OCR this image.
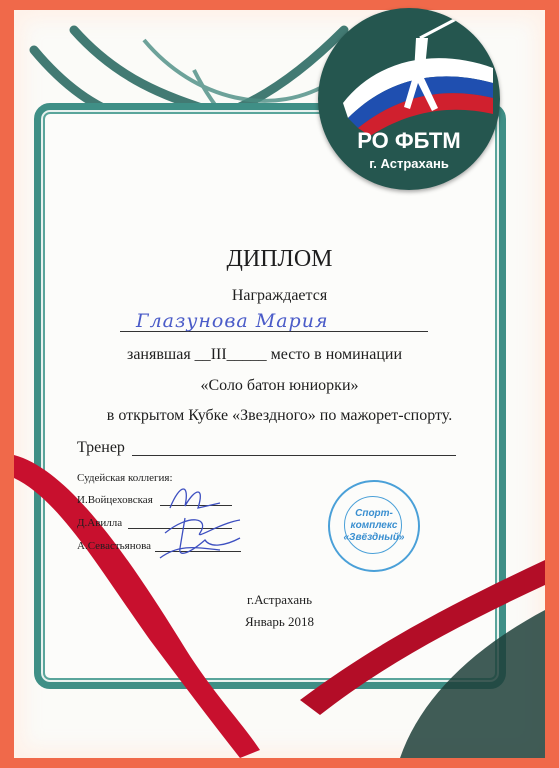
РО ФБТМ
г. Астрахань
ДИПЛОМ
Награждается
Глазунова Мария
занявшая __III_____ место в номинации
«Соло батон юниорки»
в открытом Кубке «Звездного» по мажорет-спорту.
Тренер
Судейская коллегия:
И.Войцеховская
Д.Авилла
А.Севастьянова
Спорт-
комплекс
«Звёздный»
г.Астрахань
Январь 2018
